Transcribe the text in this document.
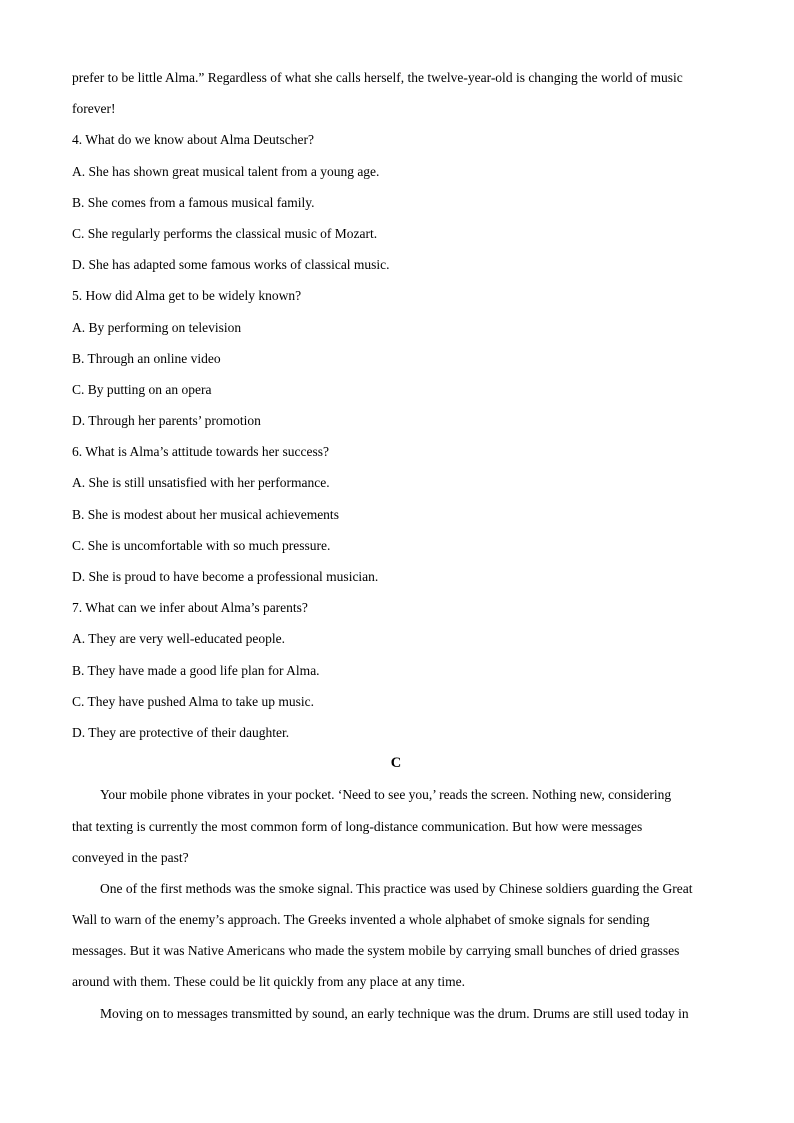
prefer to be little Alma.” Regardless of what she calls herself, the twelve-year-old is changing the world of music
forever!
4. What do we know about Alma Deutscher?
A. She has shown great musical talent from a young age.
B. She comes from a famous musical family.
C. She regularly performs the classical music of Mozart.
D. She has adapted some famous works of classical music.
5. How did Alma get to be widely known?
A. By performing on television
B. Through an online video
C. By putting on an opera
D. Through her parents’ promotion
6. What is Alma’s attitude towards her success?
A. She is still unsatisfied with her performance.
B. She is modest about her musical achievements
C. She is uncomfortable with so much pressure.
D. She is proud to have become a professional musician.
7. What can we infer about Alma’s parents?
A. They are very well-educated people.
B. They have made a good life plan for Alma.
C. They have pushed Alma to take up music.
D. They are protective of their daughter.
C
Your mobile phone vibrates in your pocket. ‘Need to see you,’ reads the screen. Nothing new, considering
that texting is currently the most common form of long-distance communication. But how were messages
conveyed in the past?
One of the first methods was the smoke signal. This practice was used by Chinese soldiers guarding the Great
Wall to warn of the enemy’s approach. The Greeks invented a whole alphabet of smoke signals for sending
messages. But it was Native Americans who made the system mobile by carrying small bunches of dried grasses
around with them. These could be lit quickly from any place at any time.
Moving on to messages transmitted by sound, an early technique was the drum. Drums are still used today in
